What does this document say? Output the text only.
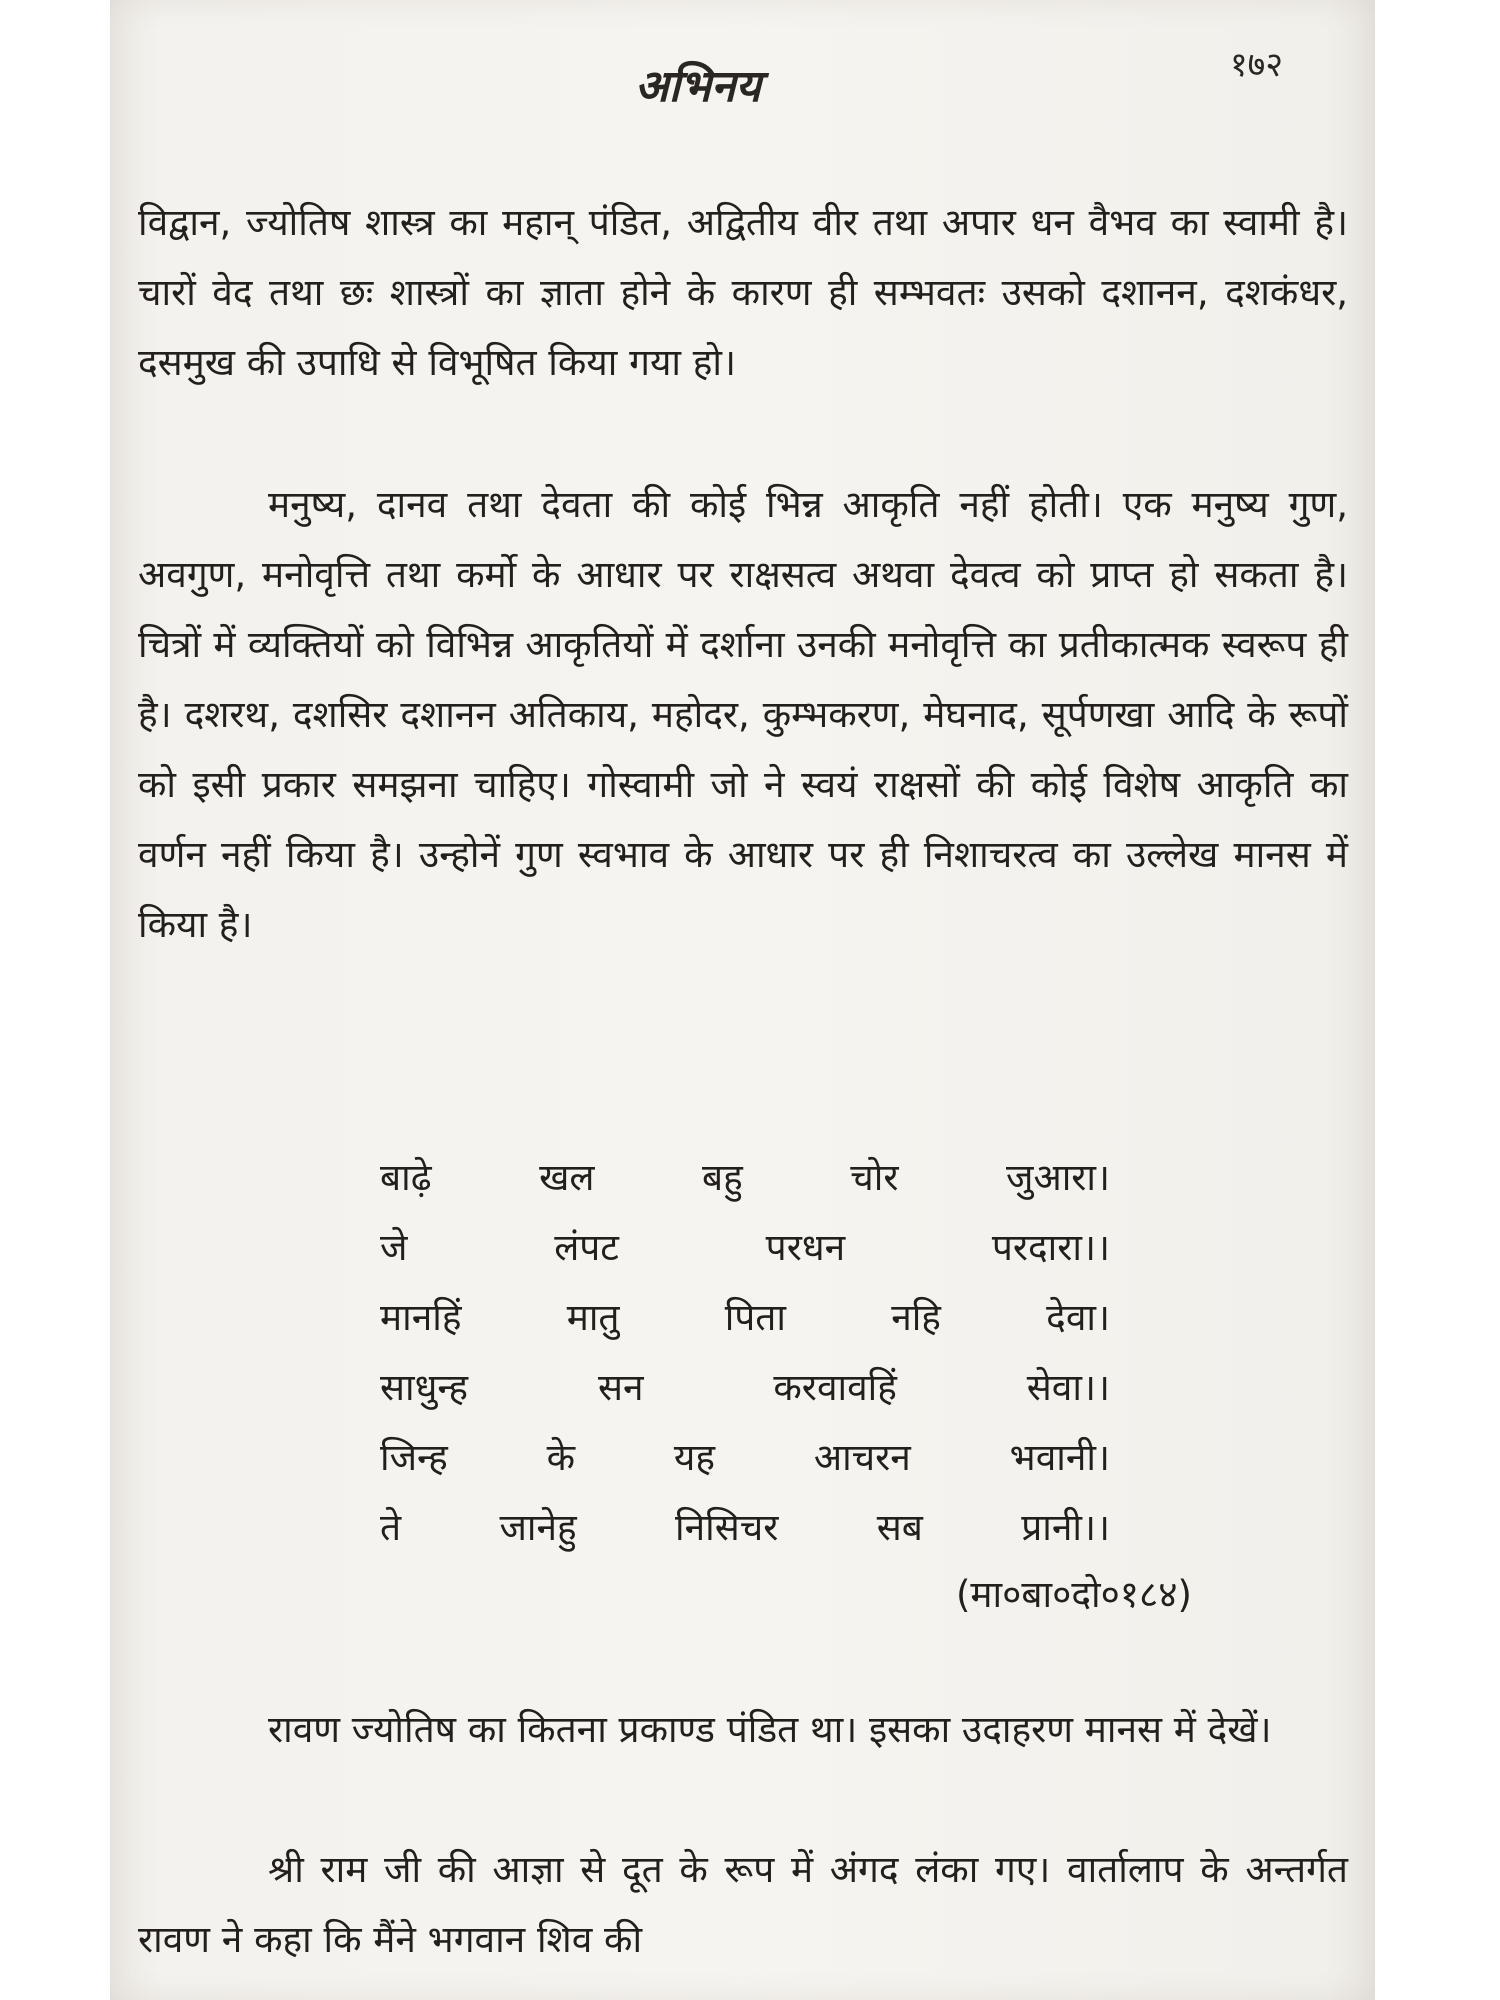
अभिनय	१७२

विद्वान, ज्योतिष शास्त्र का महान् पंडित, अद्वितीय वीर तथा अपार धन वैभव का स्वामी है। चारों वेद तथा छः शास्त्रों का ज्ञाता होने के कारण ही सम्भवतः उसको दशानन, दशकंधर, दसमुख की उपाधि से विभूषित किया गया हो।

मनुष्य, दानव तथा देवता की कोई भिन्न आकृति नहीं होती। एक मनुष्य गुण, अवगुण, मनोवृत्ति तथा कर्मो के आधार पर राक्षसत्व अथवा देवत्व को प्राप्त हो सकता है। चित्रों में व्यक्तियों को विभिन्न आकृतियों में दर्शाना उनकी मनोवृत्ति का प्रतीकात्मक स्वरूप ही है। दशरथ, दशसिर दशानन अतिकाय, महोदर, कुम्भकरण, मेघनाद, सूर्पणखा आदि के रूपों को इसी प्रकार समझना चाहिए। गोस्वामी जो ने स्वयं राक्षसों की कोई विशेष आकृति का वर्णन नहीं किया है। उन्होनें गुण स्वभाव के आधार पर ही निशाचरत्व का उल्लेख मानस में किया है।

बाढ़े खल बहु चोर जुआरा।
जे लंपट परधन परदारा।।
मानहिं मातु पिता नहि देवा।
साधुन्ह सन करवावहिं सेवा।।
जिन्ह के यह आचरन भवानी।
ते जानेहु निसिचर सब प्रानी।।
(मा०बा०दो०१८४)

रावण ज्योतिष का कितना प्रकाण्ड पंडित था। इसका उदाहरण मानस में देखें।

श्री राम जी की आज्ञा से दूत के रूप में अंगद लंका गए। वार्तालाप के अन्तर्गत रावण ने कहा कि मैंने भगवान शिव की
